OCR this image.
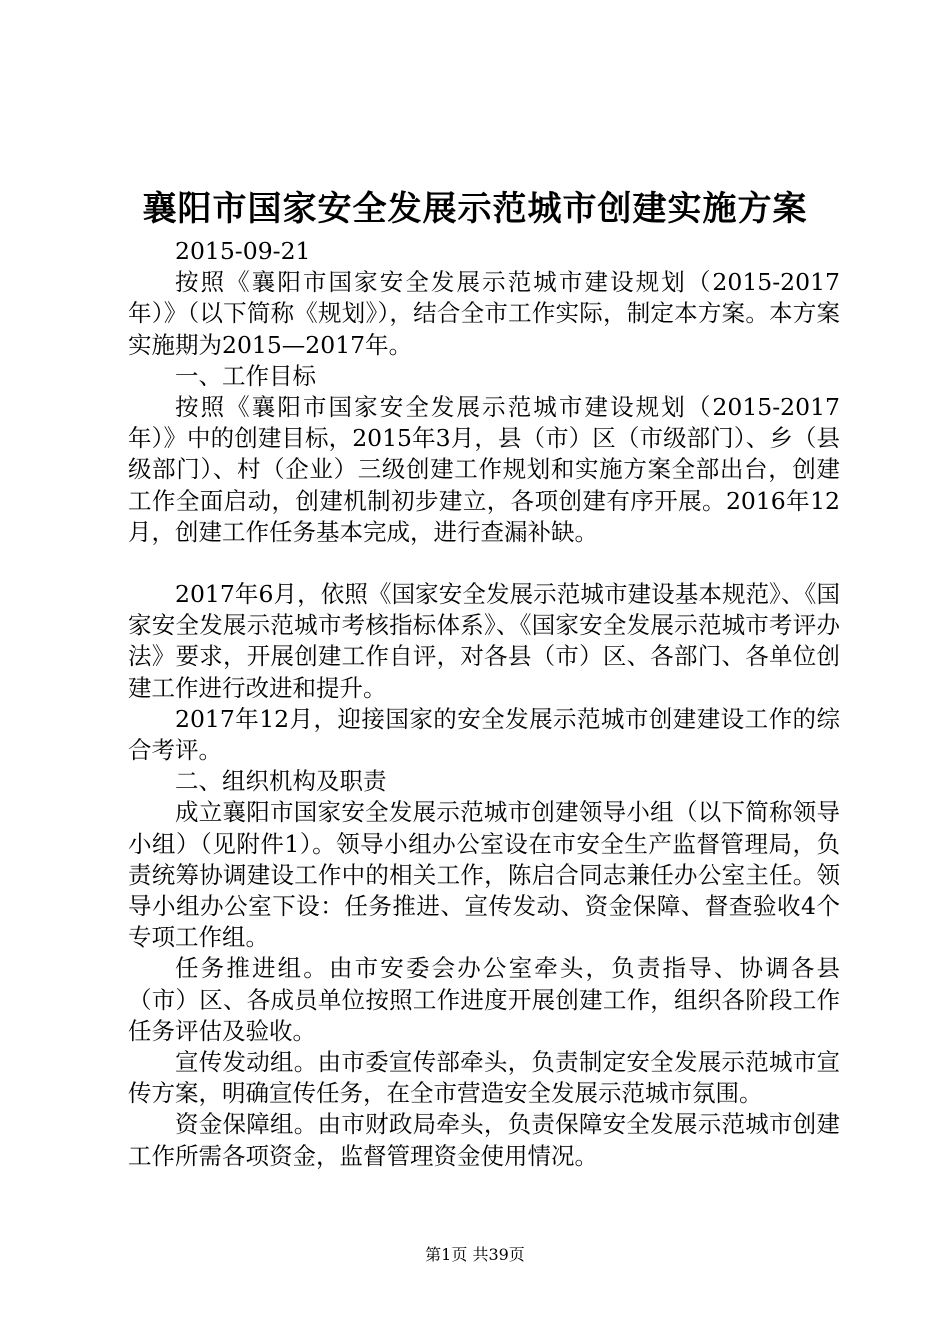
襄阳市国家安全发展示范城市创建实施方案

2015-09-21

按照《襄阳市国家安全发展示范城市建设规划（2015-2017年）》（以下简称《规划》），结合全市工作实际，制定本方案。本方案实施期为2015—2017年。

一、工作目标

按照《襄阳市国家安全发展示范城市建设规划（2015-2017年）》中的创建目标，2015年3月，县（市）区（市级部门）、乡（县级部门）、村（企业）三级创建工作规划和实施方案全部出台，创建工作全面启动，创建机制初步建立，各项创建有序开展。2016年12月，创建工作任务基本完成，进行查漏补缺。

2017年6月，依照《国家安全发展示范城市建设基本规范》、《国家安全发展示范城市考核指标体系》、《国家安全发展示范城市考评办法》要求，开展创建工作自评，对各县（市）区、各部门、各单位创建工作进行改进和提升。

2017年12月，迎接国家的安全发展示范城市创建建设工作的综合考评。

二、组织机构及职责

成立襄阳市国家安全发展示范城市创建领导小组（以下简称领导小组）（见附件1）。领导小组办公室设在市安全生产监督管理局，负责统筹协调建设工作中的相关工作，陈启合同志兼任办公室主任。领导小组办公室下设：任务推进、宣传发动、资金保障、督查验收4个专项工作组。

任务推进组。由市安委会办公室牵头，负责指导、协调各县（市）区、各成员单位按照工作进度开展创建工作，组织各阶段工作任务评估及验收。

宣传发动组。由市委宣传部牵头，负责制定安全发展示范城市宣传方案，明确宣传任务，在全市营造安全发展示范城市氛围。

资金保障组。由市财政局牵头，负责保障安全发展示范城市创建工作所需各项资金，监督管理资金使用情况。

第1页 共39页
